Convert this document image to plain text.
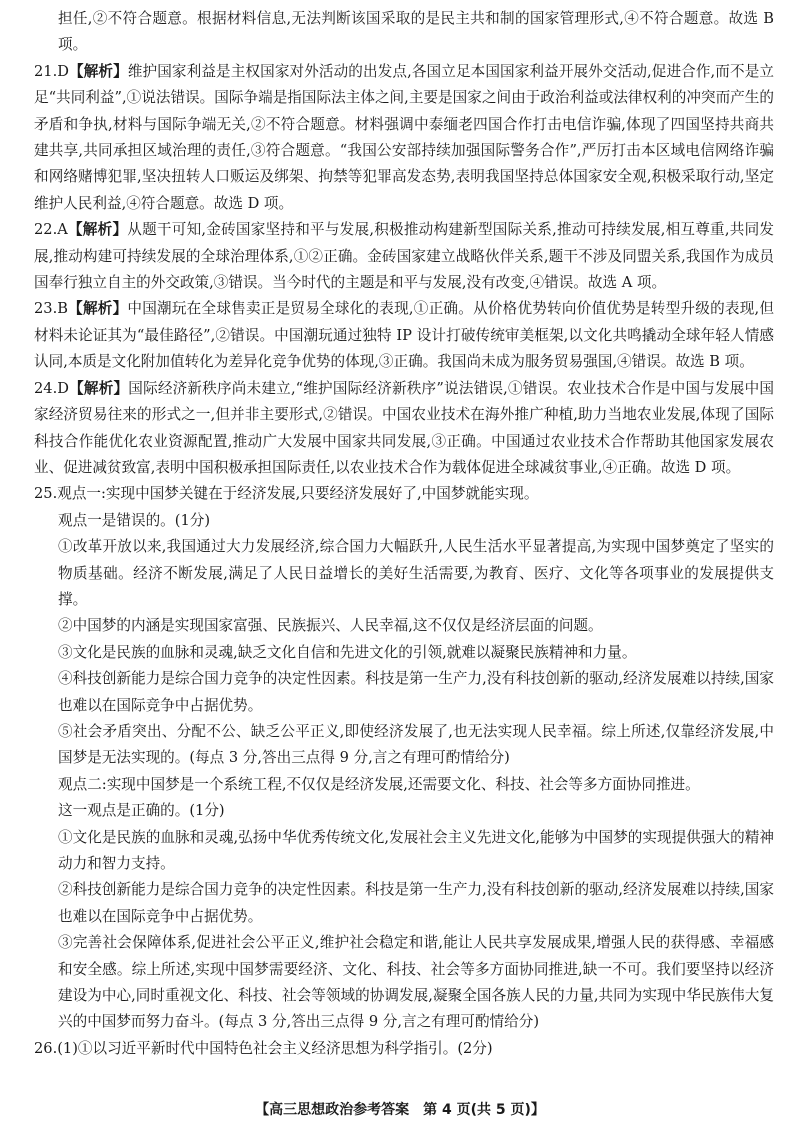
担任,②不符合题意。根据材料信息,无法判断该国采取的是民主共和制的国家管理形式,④不符合题意。故选 B 项。

21.D【解析】维护国家利益是主权国家对外活动的出发点,各国立足本国国家利益开展外交活动,促进合作,而不是立足“共同利益”,①说法错误。国际争端是指国际法主体之间,主要是国家之间由于政治利益或法律权利的冲突而产生的矛盾和争执,材料与国际争端无关,②不符合题意。材料强调中泰缅老四国合作打击电信诈骗,体现了四国坚持共商共建共享,共同承担区域治理的责任,③符合题意。“我国公安部持续加强国际警务合作”,严厉打击本区域电信网络诈骗和网络赌博犯罪,坚决扭转人口贩运及绑架、拘禁等犯罪高发态势,表明我国坚持总体国家安全观,积极采取行动,坚定维护人民利益,④符合题意。故选 D 项。

22.A【解析】从题干可知,金砖国家坚持和平与发展,积极推动构建新型国际关系,推动可持续发展,相互尊重,共同发展,推动构建可持续发展的全球治理体系,①②正确。金砖国家建立战略伙伴关系,题干不涉及同盟关系,我国作为成员国奉行独立自主的外交政策,③错误。当今时代的主题是和平与发展,没有改变,④错误。故选 A 项。

23.B【解析】中国潮玩在全球售卖正是贸易全球化的表现,①正确。从价格优势转向价值优势是转型升级的表现,但材料未论证其为“最佳路径”,②错误。中国潮玩通过独特 IP 设计打破传统审美框架,以文化共鸣撬动全球年轻人情感认同,本质是文化附加值转化为差异化竞争优势的体现,③正确。我国尚未成为服务贸易强国,④错误。故选 B 项。

24.D【解析】国际经济新秩序尚未建立,“维护国际经济新秩序”说法错误,①错误。农业技术合作是中国与发展中国家经济贸易往来的形式之一,但并非主要形式,②错误。中国农业技术在海外推广种植,助力当地农业发展,体现了国际科技合作能优化农业资源配置,推动广大发展中国家共同发展,③正确。中国通过农业技术合作帮助其他国家发展农业、促进减贫致富,表明中国积极承担国际责任,以农业技术合作为载体促进全球减贫事业,④正确。故选 D 项。

25.观点一:实现中国梦关键在于经济发展,只要经济发展好了,中国梦就能实现。

观点一是错误的。(1分)

①改革开放以来,我国通过大力发展经济,综合国力大幅跃升,人民生活水平显著提高,为实现中国梦奠定了坚实的物质基础。经济不断发展,满足了人民日益增长的美好生活需要,为教育、医疗、文化等各项事业的发展提供支撑。

②中国梦的内涵是实现国家富强、民族振兴、人民幸福,这不仅仅是经济层面的问题。

③文化是民族的血脉和灵魂,缺乏文化自信和先进文化的引领,就难以凝聚民族精神和力量。

④科技创新能力是综合国力竞争的决定性因素。科技是第一生产力,没有科技创新的驱动,经济发展难以持续,国家也难以在国际竞争中占据优势。

⑤社会矛盾突出、分配不公、缺乏公平正义,即使经济发展了,也无法实现人民幸福。综上所述,仅靠经济发展,中国梦是无法实现的。(每点 3 分,答出三点得 9 分,言之有理可酌情给分)

观点二:实现中国梦是一个系统工程,不仅仅是经济发展,还需要文化、科技、社会等多方面协同推进。

这一观点是正确的。(1分)

①文化是民族的血脉和灵魂,弘扬中华优秀传统文化,发展社会主义先进文化,能够为中国梦的实现提供强大的精神动力和智力支持。

②科技创新能力是综合国力竞争的决定性因素。科技是第一生产力,没有科技创新的驱动,经济发展难以持续,国家也难以在国际竞争中占据优势。

③完善社会保障体系,促进社会公平正义,维护社会稳定和谐,能让人民共享发展成果,增强人民的获得感、幸福感和安全感。综上所述,实现中国梦需要经济、文化、科技、社会等多方面协同推进,缺一不可。我们要坚持以经济建设为中心,同时重视文化、科技、社会等领域的协调发展,凝聚全国各族人民的力量,共同为实现中华民族伟大复兴的中国梦而努力奋斗。(每点 3 分,答出三点得 9 分,言之有理可酌情给分)

26.(1)①以习近平新时代中国特色社会主义经济思想为科学指引。(2分)

【高三思想政治参考答案　第 4 页(共 5 页)】
